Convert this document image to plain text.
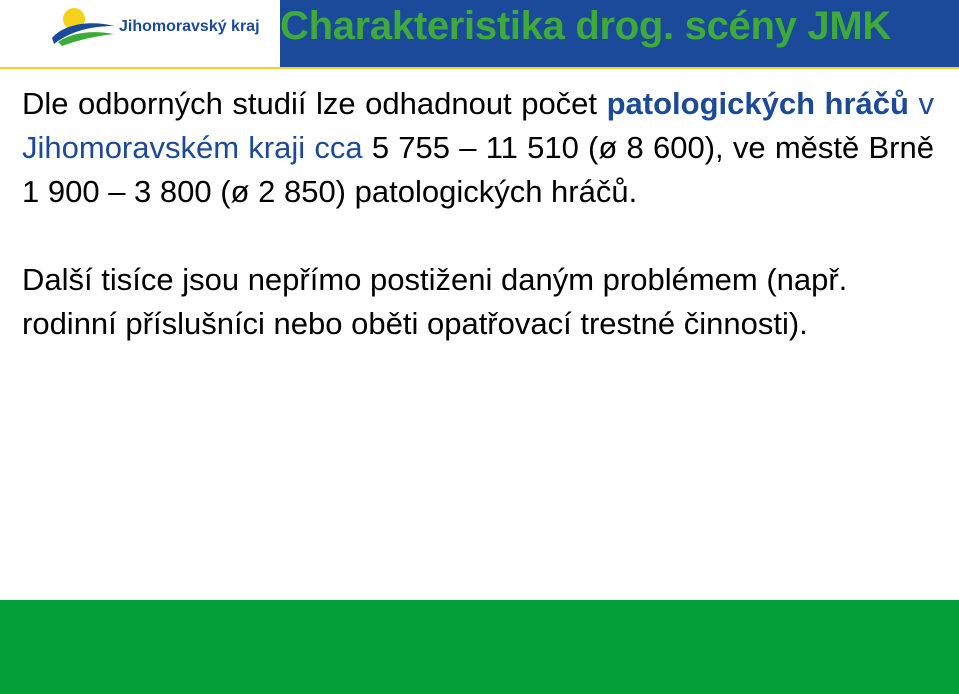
Jihomoravský kraj Charakteristika drog. scény JMK

Dle odborných studií lze odhadnout počet patologických hráčů v Jihomoravském kraji cca 5 755 – 11 510 (ø 8 600), ve městě Brně 1 900 – 3 800 (ø 2 850) patologických hráčů.

Další tisíce jsou nepřímo postiženi daným problémem (např. rodinní příslušníci nebo oběti opatřovací trestné činnosti).
